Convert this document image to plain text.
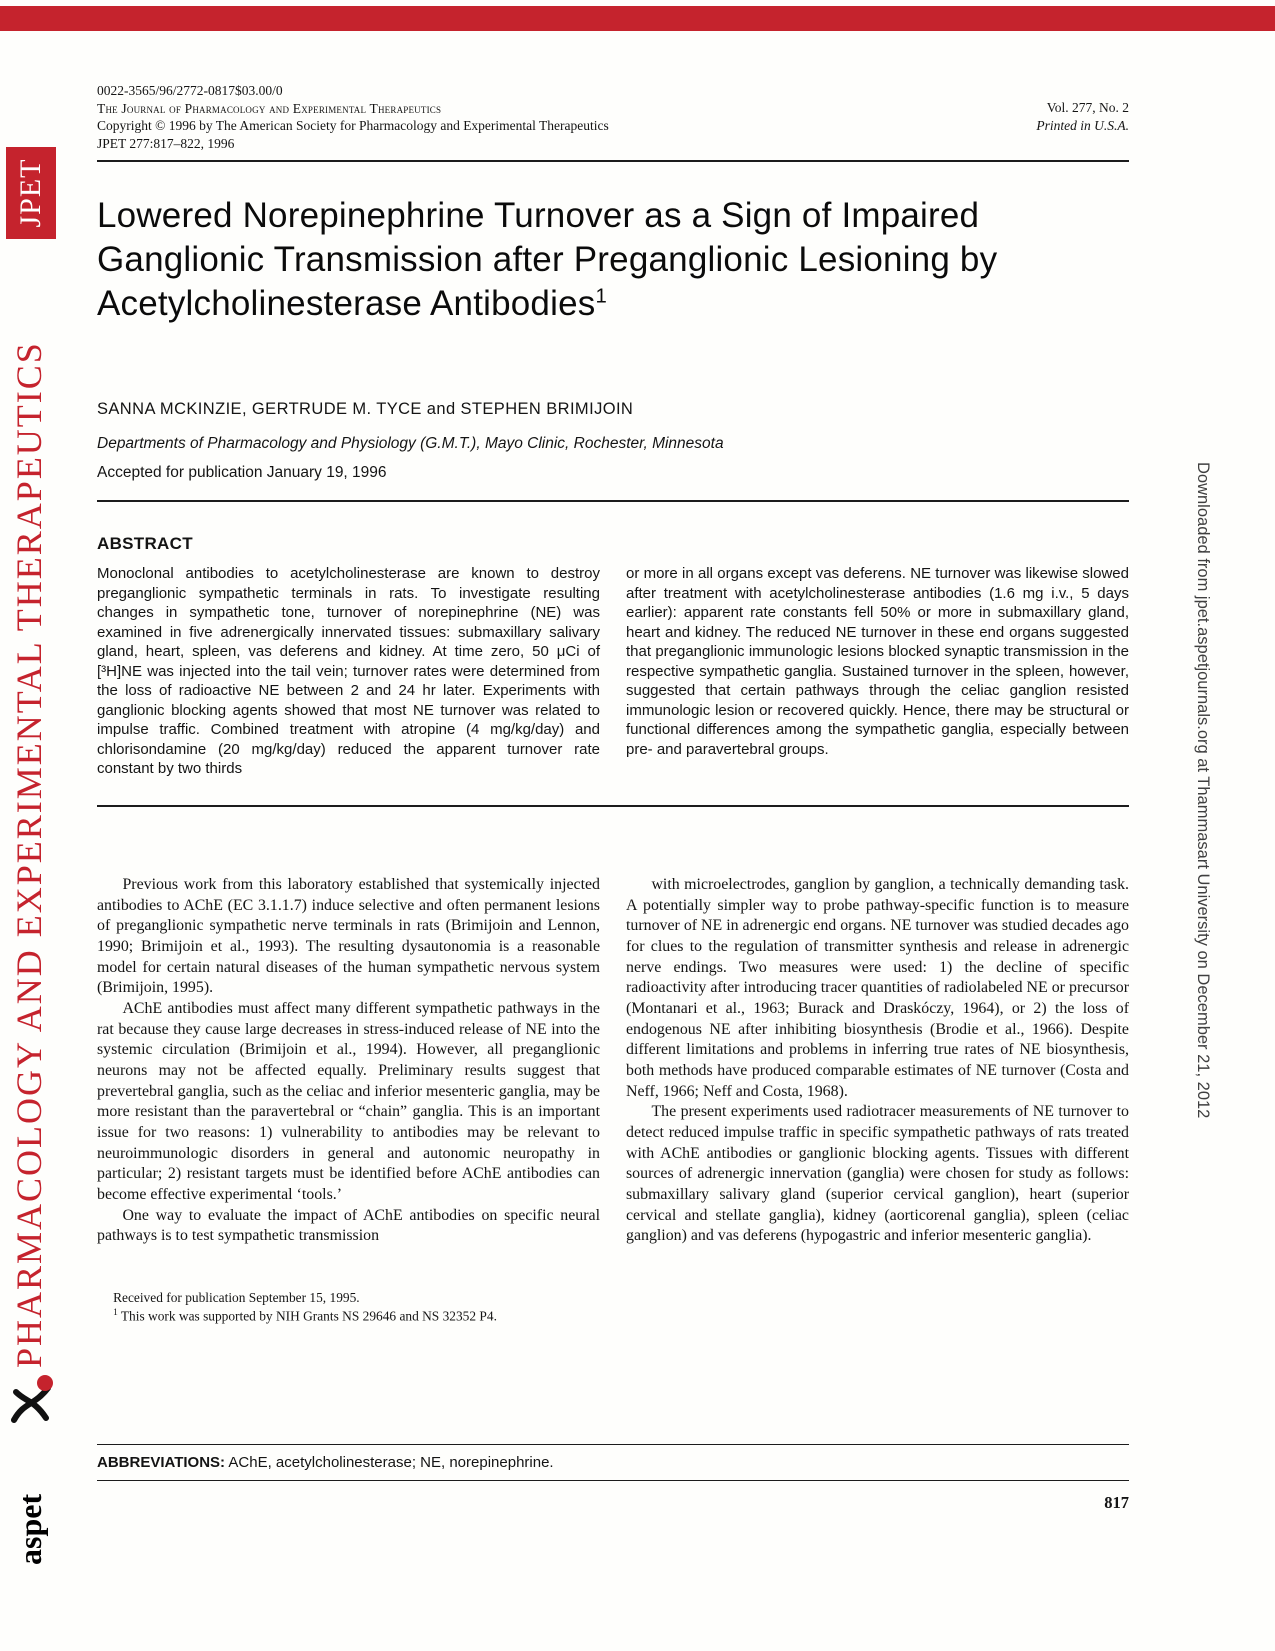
JPET
PHARMACOLOGY AND EXPERIMENTAL THERAPEUTICS
aspet
Downloaded from jpet.aspetjournals.org at Thammasart University on December 21, 2012
0022-3565/96/2772-0817$03.00/0
The Journal of Pharmacology and Experimental Therapeutics
Copyright © 1996 by The American Society for Pharmacology and Experimental Therapeutics
JPET 277:817–822, 1996
Vol. 277, No. 2
Printed in U.S.A.
Lowered Norepinephrine Turnover as a Sign of Impaired
Ganglionic Transmission after Preganglionic Lesioning by
Acetylcholinesterase Antibodies$^1$
SANNA MCKINZIE, GERTRUDE M. TYCE and STEPHEN BRIMIJOIN
Departments of Pharmacology and Physiology (G.M.T.), Mayo Clinic, Rochester, Minnesota
Accepted for publication January 19, 1996
ABSTRACT

Monoclonal antibodies to acetylcholinesterase are known to destroy preganglionic sympathetic terminals in rats. To investigate resulting changes in sympathetic tone, turnover of norepinephrine (NE) was examined in five adrenergically innervated tissues: submaxillary salivary gland, heart, spleen, vas deferens and kidney. At time zero, 50 μCi of [³H]NE was injected into the tail vein; turnover rates were determined from the loss of radioactive NE between 2 and 24 hr later. Experiments with ganglionic blocking agents showed that most NE turnover was related to impulse traffic. Combined treatment with atropine (4 mg/kg/day) and chlorisondamine (20 mg/kg/day) reduced the apparent turnover rate constant by two thirds

or more in all organs except vas deferens. NE turnover was likewise slowed after treatment with acetylcholinesterase antibodies (1.6 mg i.v., 5 days earlier): apparent rate constants fell 50% or more in submaxillary gland, heart and kidney. The reduced NE turnover in these end organs suggested that preganglionic immunologic lesions blocked synaptic transmission in the respective sympathetic ganglia. Sustained turnover in the spleen, however, suggested that certain pathways through the celiac ganglion resisted immunologic lesion or recovered quickly. Hence, there may be structural or functional differences among the sympathetic ganglia, especially between pre- and paravertebral groups.

Previous work from this laboratory established that systemically injected antibodies to AChE (EC 3.1.1.7) induce selective and often permanent lesions of preganglionic sympathetic nerve terminals in rats (Brimijoin and Lennon, 1990; Brimijoin et al., 1993). The resulting dysautonomia is a reasonable model for certain natural diseases of the human sympathetic nervous system (Brimijoin, 1995).

AChE antibodies must affect many different sympathetic pathways in the rat because they cause large decreases in stress-induced release of NE into the systemic circulation (Brimijoin et al., 1994). However, all preganglionic neurons may not be affected equally. Preliminary results suggest that prevertebral ganglia, such as the celiac and inferior mesenteric ganglia, may be more resistant than the paravertebral or “chain” ganglia. This is an important issue for two reasons: 1) vulnerability to antibodies may be relevant to neuroimmunologic disorders in general and autonomic neuropathy in particular; 2) resistant targets must be identified before AChE antibodies can become effective experimental ‘tools.’

One way to evaluate the impact of AChE antibodies on specific neural pathways is to test sympathetic transmission

Received for publication September 15, 1995.

$^1$ This work was supported by NIH Grants NS 29646 and NS 32352 P4.

with microelectrodes, ganglion by ganglion, a technically demanding task. A potentially simpler way to probe pathway-specific function is to measure turnover of NE in adrenergic end organs. NE turnover was studied decades ago for clues to the regulation of transmitter synthesis and release in adrenergic nerve endings. Two measures were used: 1) the decline of specific radioactivity after introducing tracer quantities of radiolabeled NE or precursor (Montanari et al., 1963; Burack and Draskóczy, 1964), or 2) the loss of endogenous NE after inhibiting biosynthesis (Brodie et al., 1966). Despite different limitations and problems in inferring true rates of NE biosynthesis, both methods have produced comparable estimates of NE turnover (Costa and Neff, 1966; Neff and Costa, 1968).

The present experiments used radiotracer measurements of NE turnover to detect reduced impulse traffic in specific sympathetic pathways of rats treated with AChE antibodies or ganglionic blocking agents. Tissues with different sources of adrenergic innervation (ganglia) were chosen for study as follows: submaxillary salivary gland (superior cervical ganglion), heart (superior cervical and stellate ganglia), kidney (aorticorenal ganglia), spleen (celiac ganglion) and vas deferens (hypogastric and inferior mesenteric ganglia).

ABBREVIATIONS: AChE, acetylcholinesterase; NE, norepinephrine.
817
